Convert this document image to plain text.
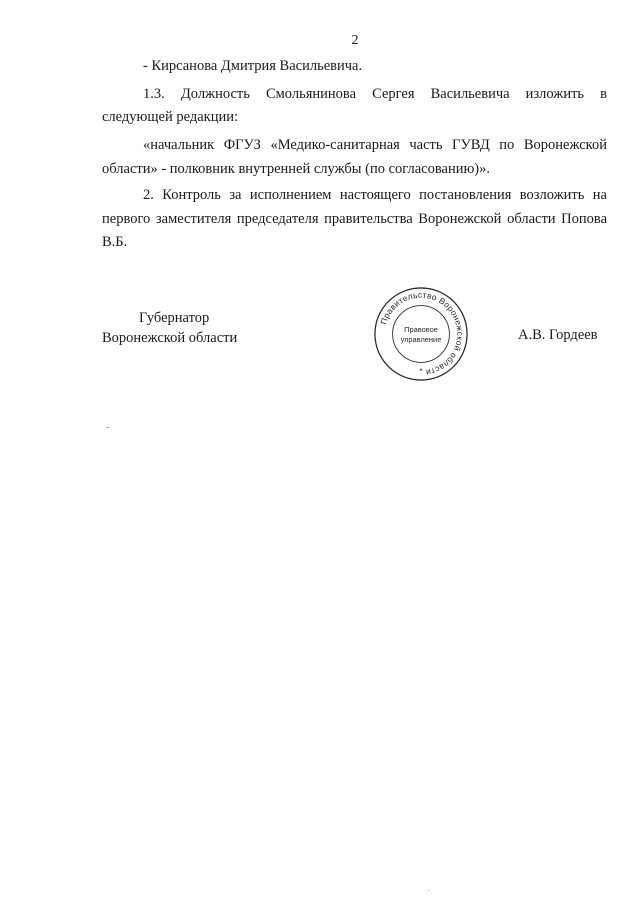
2
- Кирсанова Дмитрия Васильевича.
1.3. Должность Смольянинова Сергея Васильевича изложить в
следующей редакции:
«начальник ФГУЗ «Медико-санитарная часть ГУВД по Воронежской области» - полковник внутренней службы (по согласованию)».
2. Контроль за исполнением настоящего постановления возложить на первого заместителя председателя правительства Воронежской области Попова В.Б.
Губернатор
Воронежской области
Правительство Воронежской области
Правовое
управление
*
А.В. Гордеев
-
.
